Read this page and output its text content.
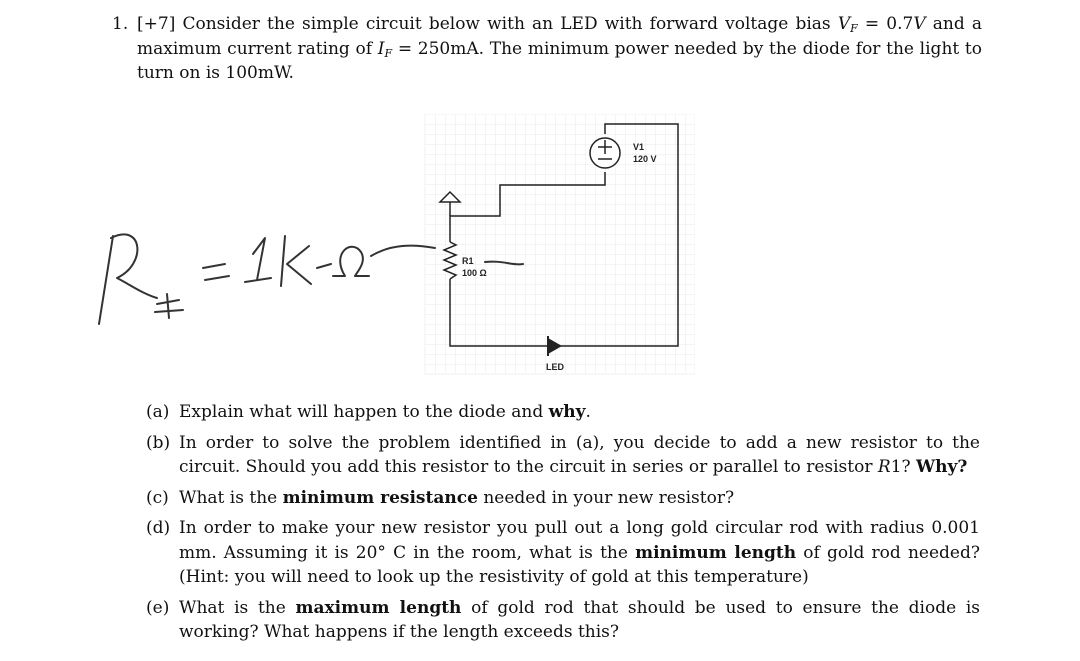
1. [+7] Consider the simple circuit below with an LED with forward voltage bias $V_F = 0.7V$ and a maximum current rating of $I_F = 250mA$. The minimum power needed by the diode for the light to turn on is 100mW.
V1
120 V
R1
100 Ω
LED
(a) Explain what will happen to the diode and why.
(b) In order to solve the problem identified in (a), you decide to add a new resistor to the circuit. Should you add this resistor to the circuit in series or parallel to resistor R1? Why?
(c) What is the minimum resistance needed in your new resistor?
(d) In order to make your new resistor you pull out a long gold circular rod with radius 0.001 mm. Assuming it is 20° C in the room, what is the minimum length of gold rod needed? (Hint: you will need to look up the resistivity of gold at this temperature)
(e) What is the maximum length of gold rod that should be used to ensure the diode is working? What happens if the length exceeds this?
